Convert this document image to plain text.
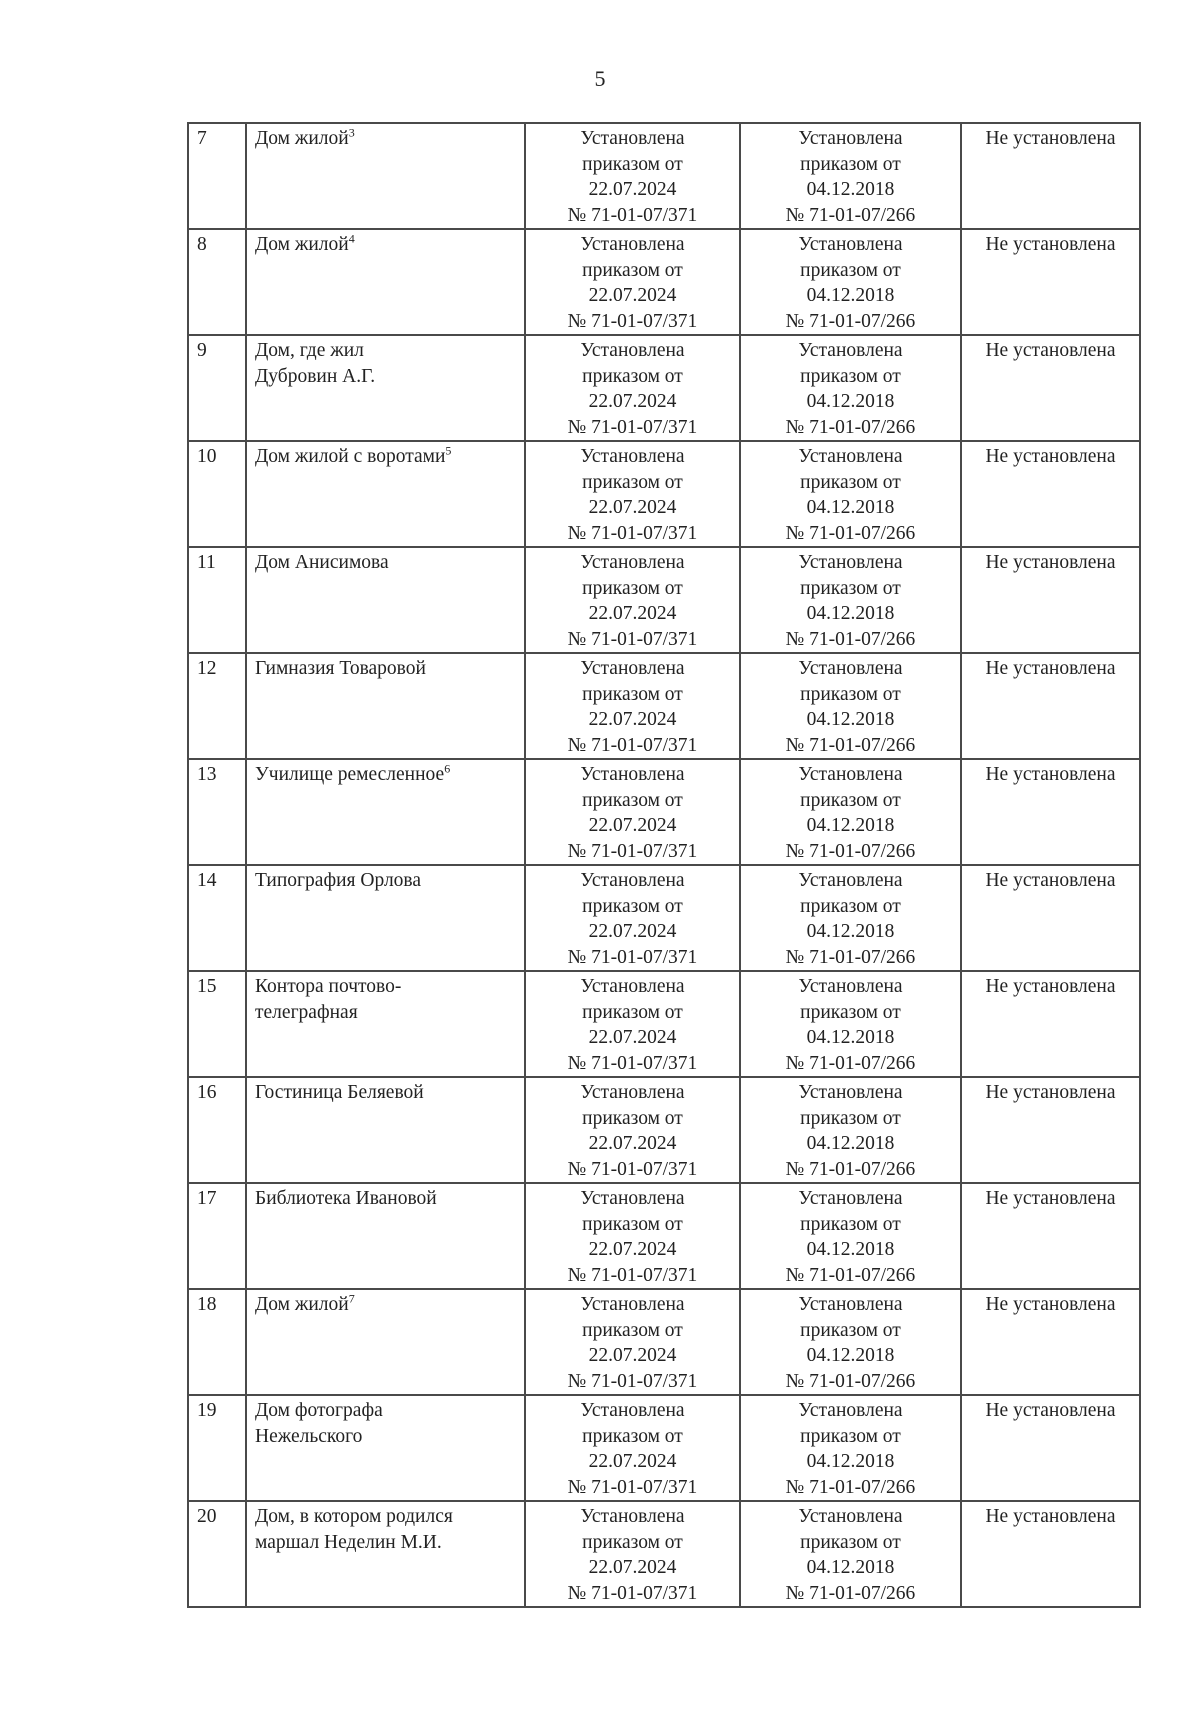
5
7	Дом жилой$^3$	Установлена
приказом от
22.07.2024
№ 71-01-07/371	Установлена
приказом от
04.12.2018
№ 71-01-07/266	Не установлена
8	Дом жилой$^4$	Установлена
приказом от
22.07.2024
№ 71-01-07/371	Установлена
приказом от
04.12.2018
№ 71-01-07/266	Не установлена
9	Дом, где жил
Дубровин А.Г.	Установлена
приказом от
22.07.2024
№ 71-01-07/371	Установлена
приказом от
04.12.2018
№ 71-01-07/266	Не установлена
10	Дом жилой с воротами$^5$	Установлена
приказом от
22.07.2024
№ 71-01-07/371	Установлена
приказом от
04.12.2018
№ 71-01-07/266	Не установлена
11	Дом Анисимова	Установлена
приказом от
22.07.2024
№ 71-01-07/371	Установлена
приказом от
04.12.2018
№ 71-01-07/266	Не установлена
12	Гимназия Товаровой	Установлена
приказом от
22.07.2024
№ 71-01-07/371	Установлена
приказом от
04.12.2018
№ 71-01-07/266	Не установлена
13	Училище ремесленное$^6$	Установлена
приказом от
22.07.2024
№ 71-01-07/371	Установлена
приказом от
04.12.2018
№ 71-01-07/266	Не установлена
14	Типография Орлова	Установлена
приказом от
22.07.2024
№ 71-01-07/371	Установлена
приказом от
04.12.2018
№ 71-01-07/266	Не установлена
15	Контора почтово-
телеграфная	Установлена
приказом от
22.07.2024
№ 71-01-07/371	Установлена
приказом от
04.12.2018
№ 71-01-07/266	Не установлена
16	Гостиница Беляевой	Установлена
приказом от
22.07.2024
№ 71-01-07/371	Установлена
приказом от
04.12.2018
№ 71-01-07/266	Не установлена
17	Библиотека Ивановой	Установлена
приказом от
22.07.2024
№ 71-01-07/371	Установлена
приказом от
04.12.2018
№ 71-01-07/266	Не установлена
18	Дом жилой$^7$	Установлена
приказом от
22.07.2024
№ 71-01-07/371	Установлена
приказом от
04.12.2018
№ 71-01-07/266	Не установлена
19	Дом фотографа
Нежельского	Установлена
приказом от
22.07.2024
№ 71-01-07/371	Установлена
приказом от
04.12.2018
№ 71-01-07/266	Не установлена
20	Дом, в котором родился
маршал Неделин М.И.	Установлена
приказом от
22.07.2024
№ 71-01-07/371	Установлена
приказом от
04.12.2018
№ 71-01-07/266	Не установлена
